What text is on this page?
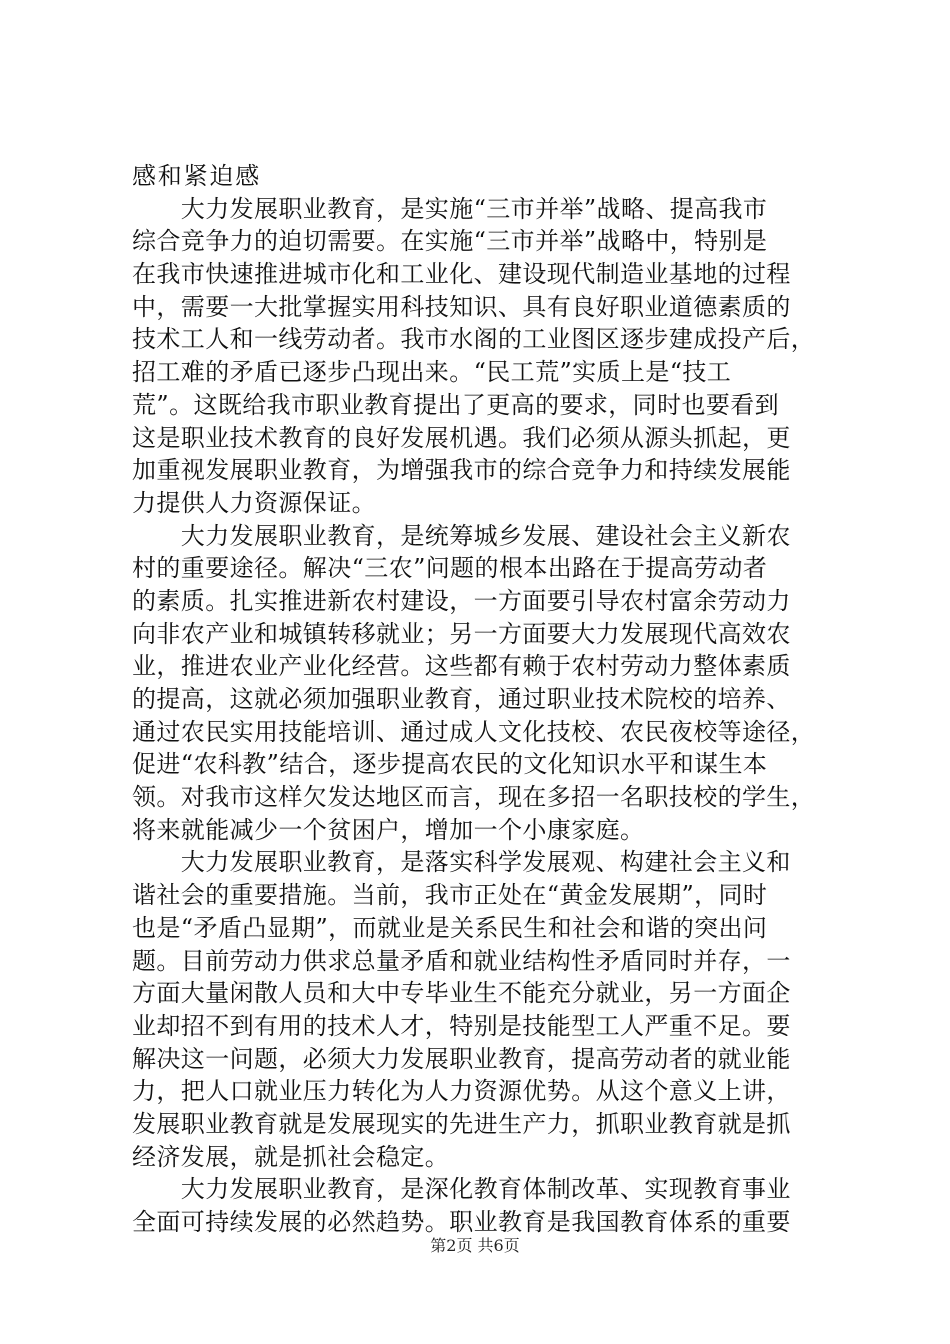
感和紧迫感
　　大力发展职业教育，是实施“三市并举”战略、提高我市
综合竞争力的迫切需要。在实施“三市并举”战略中，特别是
在我市快速推进城市化和工业化、建设现代制造业基地的过程
中，需要一大批掌握实用科技知识、具有良好职业道德素质的
技术工人和一线劳动者。我市水阁的工业图区逐步建成投产后，
招工难的矛盾已逐步凸现出来。“民工荒”实质上是“技工
荒”。这既给我市职业教育提出了更高的要求，同时也要看到
这是职业技术教育的良好发展机遇。我们必须从源头抓起，更
加重视发展职业教育，为增强我市的综合竞争力和持续发展能
力提供人力资源保证。
　　大力发展职业教育，是统筹城乡发展、建设社会主义新农
村的重要途径。解决“三农”问题的根本出路在于提高劳动者
的素质。扎实推进新农村建设，一方面要引导农村富余劳动力
向非农产业和城镇转移就业；另一方面要大力发展现代高效农
业，推进农业产业化经营。这些都有赖于农村劳动力整体素质
的提高，这就必须加强职业教育，通过职业技术院校的培养、
通过农民实用技能培训、通过成人文化技校、农民夜校等途径，
促进“农科教”结合，逐步提高农民的文化知识水平和谋生本
领。对我市这样欠发达地区而言，现在多招一名职技校的学生，
将来就能减少一个贫困户，增加一个小康家庭。
　　大力发展职业教育，是落实科学发展观、构建社会主义和
谐社会的重要措施。当前，我市正处在“黄金发展期”，同时
也是“矛盾凸显期”，而就业是关系民生和社会和谐的突出问
题。目前劳动力供求总量矛盾和就业结构性矛盾同时并存，一
方面大量闲散人员和大中专毕业生不能充分就业，另一方面企
业却招不到有用的技术人才，特别是技能型工人严重不足。要
解决这一问题，必须大力发展职业教育，提高劳动者的就业能
力，把人口就业压力转化为人力资源优势。从这个意义上讲，
发展职业教育就是发展现实的先进生产力，抓职业教育就是抓
经济发展，就是抓社会稳定。
　　大力发展职业教育，是深化教育体制改革、实现教育事业
全面可持续发展的必然趋势。职业教育是我国教育体系的重要
第2页 共6页
